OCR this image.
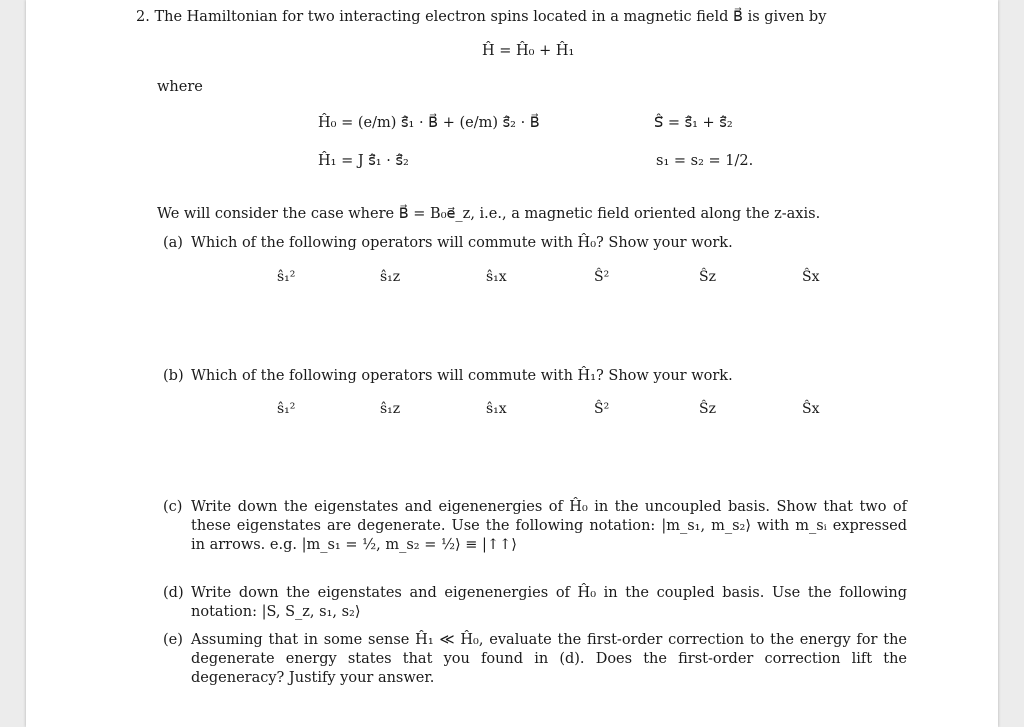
2. The Hamiltonian for two interacting electron spins located in a magnetic field B⃗ is given by
Ĥ = Ĥ₀ + Ĥ₁
where
Ĥ₀ = (e/m) ŝ⃗₁ · B⃗ + (e/m) ŝ⃗₂ · B⃗
Ĥ₁ = J ŝ⃗₁ · ŝ⃗₂
Ŝ⃗ = ŝ⃗₁ + ŝ⃗₂
s₁ = s₂ = 1/2.
We will consider the case where B⃗ = B₀e⃗_z, i.e., a magnetic field oriented along the z-axis.
(a) Which of the following operators will commute with Ĥ₀? Show your work.
ŝ₁²	ŝ₁z	ŝ₁x	Ŝ²	Ŝz	Ŝx
(b) Which of the following operators will commute with Ĥ₁? Show your work.
ŝ₁²	ŝ₁z	ŝ₁x	Ŝ²	Ŝz	Ŝx
(c) Write down the eigenstates and eigenenergies of Ĥ₀ in the uncoupled basis. Show that two of these eigenstates are degenerate. Use the following notation: |m_s₁, m_s₂⟩ with m_sᵢ expressed in arrows. e.g. |m_s₁ = ½, m_s₂ = ½⟩ ≡ |↑↑⟩
(d) Write down the eigenstates and eigenenergies of Ĥ₀ in the coupled basis. Use the following notation: |S, S_z, s₁, s₂⟩
(e) Assuming that in some sense Ĥ₁ ≪ Ĥ₀, evaluate the first-order correction to the energy for the degenerate energy states that you found in (d). Does the first-order correction lift the degeneracy? Justify your answer.
